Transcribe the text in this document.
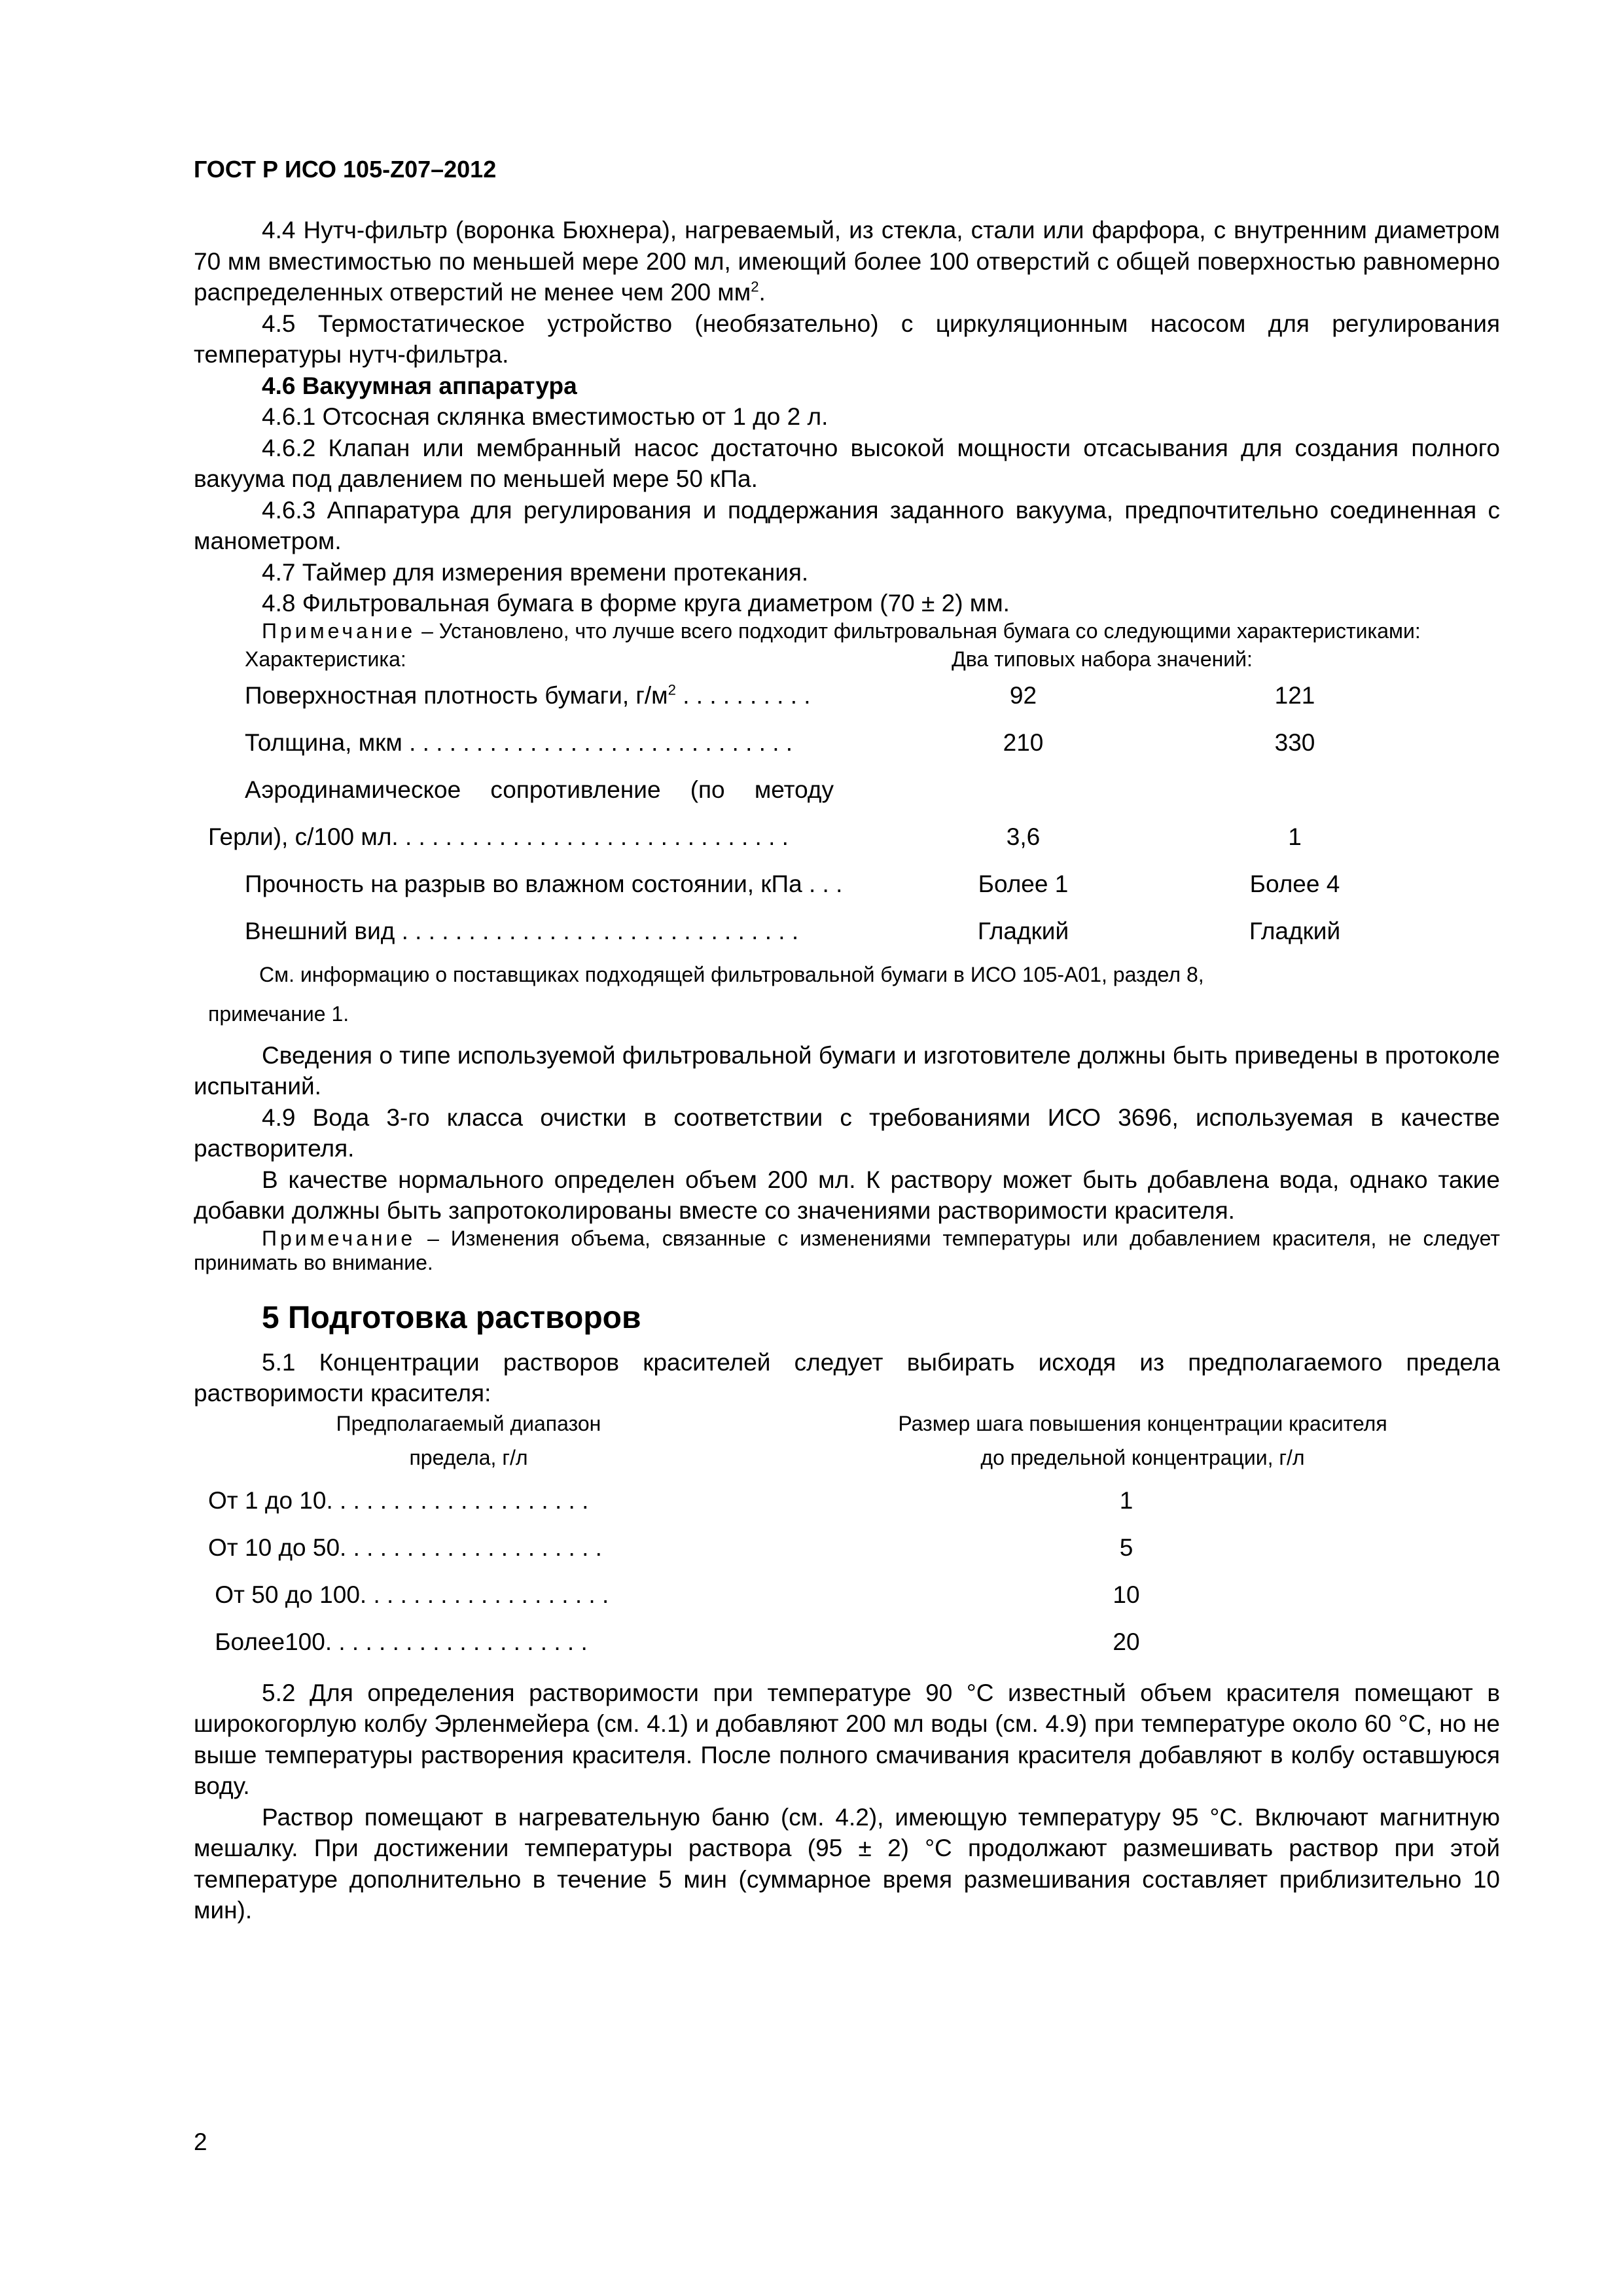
ГОСТ Р ИСО 105-Z07–2012

4.4 Нутч-фильтр (воронка Бюхнера), нагреваемый, из стекла, стали или фарфора, с внутренним диаметром 70 мм вместимостью по меньшей мере 200 мл, имеющий более 100 отверстий с общей поверхностью равномерно распределенных отверстий не менее чем 200 $мм^2$.

4.5 Термостатическое устройство (необязательно) с циркуляционным насосом для регулирования температуры нутч-фильтра.

4.6 Вакуумная аппаратура

4.6.1 Отсосная склянка вместимостью от 1 до 2 л.

4.6.2 Клапан или мембранный насос достаточно высокой мощности отсасывания для создания полного вакуума под давлением по меньшей мере 50 кПа.

4.6.3 Аппаратура для регулирования и поддержания заданного вакуума, предпочтительно соединенная с манометром.

4.7 Таймер для измерения времени протекания.

4.8 Фильтровальная бумага в форме круга диаметром (70 ± 2) мм.

Примечание – Установлено, что лучше всего подходит фильтровальная бумага со следующими характеристиками:

Характеристика:	Два типовых набора значений:
Поверхностная плотность бумаги, $г/м^2$ . . . . . . . . . .	92	121
Толщина, мкм . . . . . . . . . . . . . . . . . . . . . . . . . . . . .	210	330
Аэродинамическое сопротивление (по методу
Герли), с/100 мл. . . . . . . . . . . . . . . . . . . . . . . . . . . . . .	3,6	1
Прочность на разрыв во влажном состоянии, кПа . . .	Более 1	Более 4
Внешний вид . . . . . . . . . . . . . . . . . . . . . . . . . . . . . .	Гладкий	Гладкий
См. информацию о поставщиках подходящей фильтровальной бумаги в ИСО 105-A01, раздел 8,
примечание 1.

Сведения о типе используемой фильтровальной бумаги и изготовителе должны быть приведены в протоколе испытаний.

4.9 Вода 3-го класса очистки в соответствии с требованиями ИСО 3696, используемая в качестве растворителя.

В качестве нормального определен объем 200 мл. К раствору может быть добавлена вода, однако такие добавки должны быть запротоколированы вместе со значениями растворимости красителя.

Примечание – Изменения объема, связанные с изменениями температуры или добавлением красителя, не следует принимать во внимание.

5 Подготовка растворов

5.1 Концентрации растворов красителей следует выбирать исходя из предполагаемого предела растворимости красителя:

Предполагаемый диапазон	Размер шага повышения концентрации красителя
предела, г/л	до предельной концентрации, г/л
От 1 до 10. . . . . . . . . . . . . . . . . . . .	1
От 10 до 50. . . . . . . . . . . . . . . . . . . .	5
От 50 до 100. . . . . . . . . . . . . . . . . . .	10
Более100. . . . . . . . . . . . . . . . . . . .	20

5.2 Для определения растворимости при температуре 90 °С известный объем красителя помещают в широкогорлую колбу Эрленмейера (см. 4.1) и добавляют 200 мл воды (см. 4.9) при температуре около 60 °С, но не выше температуры растворения красителя. После полного смачивания красителя добавляют в колбу оставшуюся воду.

Раствор помещают в нагревательную баню (см. 4.2), имеющую температуру 95 °С. Включают магнитную мешалку. При достижении температуры раствора (95 ± 2) °С продолжают размешивать раствор при этой температуре дополнительно в течение 5 мин (суммарное время размешивания составляет приблизительно 10 мин).

2
